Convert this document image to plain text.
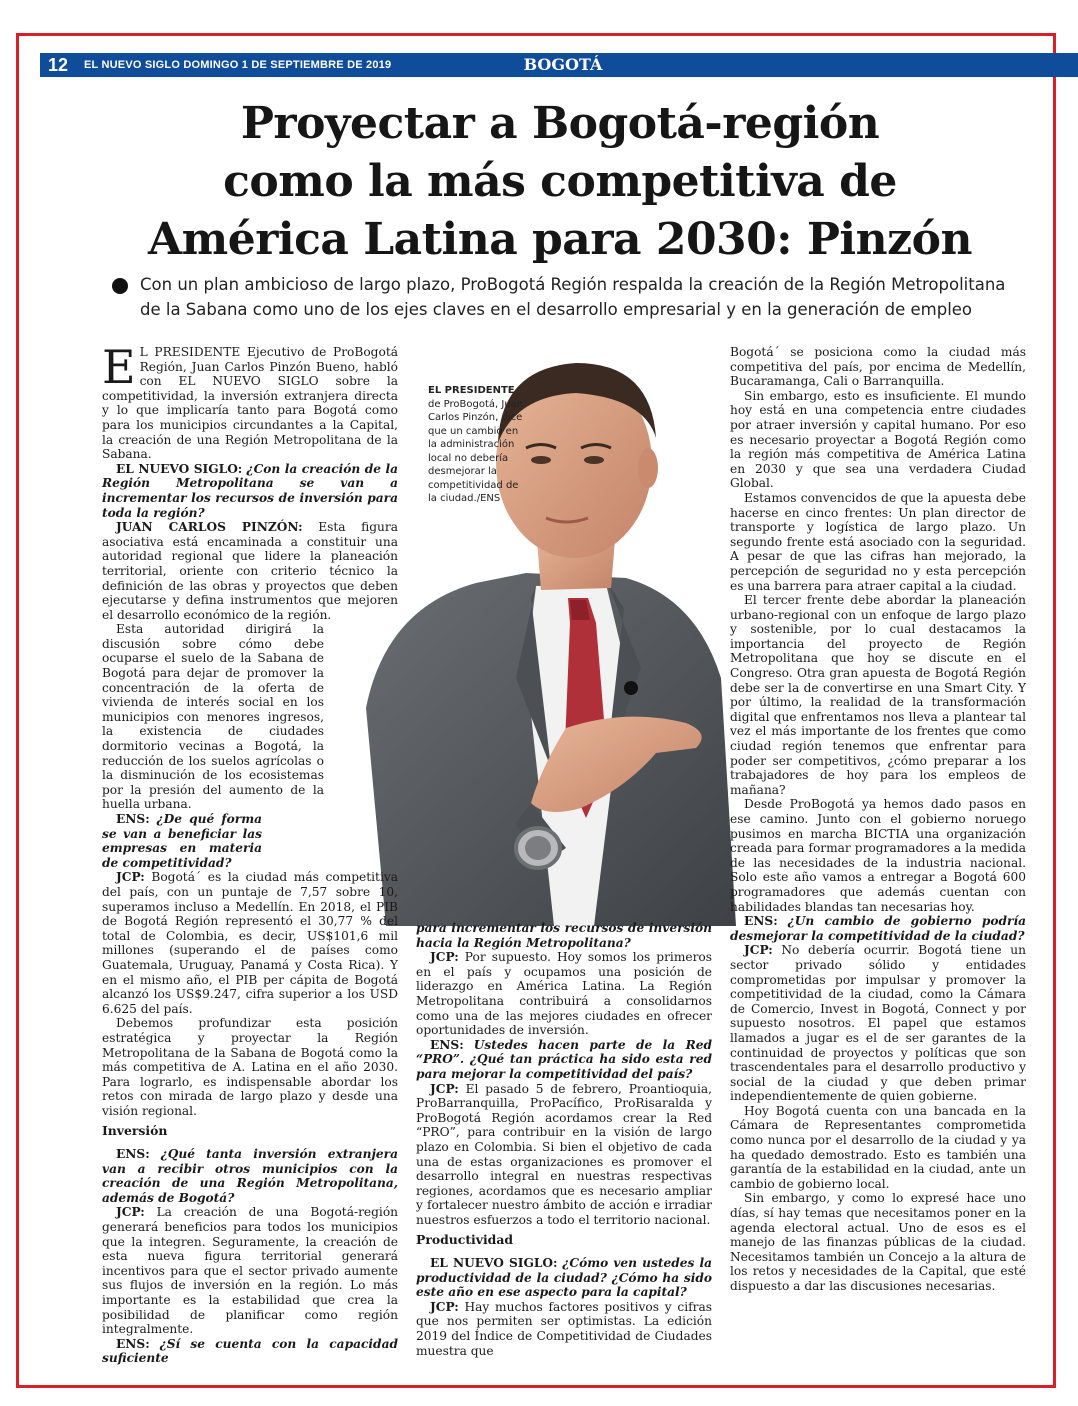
12 EL NUEVO SIGLO DOMINGO 1 DE SEPTIEMBRE DE 2019	BOGOTÁ
Proyectar a Bogotá-región
como la más competitiva de
América Latina para 2030: Pinzón

Con un plan ambicioso de largo plazo, ProBogotá Región respalda la creación de la Región Metropolitana
de la Sabana como uno de los ejes claves en el desarrollo empresarial y en la generación de empleo

EL PRESIDENTE
de ProBogotá, Juan Carlos Pinzón, dice que un cambio en la administración local no debería desmejorar la competitividad de la ciudad./ENS

E L PRESIDENTE Ejecutivo de ProBogotá Región, Juan Carlos Pinzón Bueno, habló con EL NUEVO SIGLO sobre la competitividad, la inversión extranjera directa y lo que implicaría tanto para Bogotá como para los municipios circundantes a la Capital, la creación de una Región Metropolitana de la Sabana.

EL NUEVO SIGLO: ¿Con la creación de la Región Metropolitana se van a incrementar los recursos de inversión para toda la región?

JUAN CARLOS PINZÓN: Esta figura asociativa está encaminada a constituir una autoridad regional que lidere la planeación territorial, oriente con criterio técnico la definición de las obras y proyectos que deben ejecutarse y defina instrumentos que mejoren el desarrollo económico de la región.

Esta autoridad dirigirá la discusión sobre cómo debe ocuparse el suelo de la Sabana de Bogotá para dejar de promover la concentración de la oferta de vivienda de interés social en los municipios con menores ingresos, la existencia de ciudades dormitorio vecinas a Bogotá, la reducción de los suelos agrícolas o la disminución de los ecosistemas por la presión del aumento de la huella urbana.

ENS: ¿De qué forma se van a beneficiar las empresas en materia de competitividad?

JCP: Bogotá´ es la ciudad más competitiva del país, con un puntaje de 7,57 sobre 10, superamos incluso a Medellín. En 2018, el PIB de Bogotá Región representó el 30,77 % del total de Colombia, es decir, US$101,6 mil millones (superando el de países como Guatemala, Uruguay, Panamá y Costa Rica). Y en el mismo año, el PIB per cápita de Bogotá alcanzó los US$9.247, cifra superior a los USD 6.625 del país.

Debemos profundizar esta posición estratégica y proyectar la Región Metropolitana de la Sabana de Bogotá como la más competitiva de A. Latina en el año 2030. Para lograrlo, es indispensable abordar los retos con mirada de largo plazo y desde una visión regional.

Inversión

ENS: ¿Qué tanta inversión extranjera van a recibir otros municipios con la creación de una Región Metropolitana, además de Bogotá?

JCP: La creación de una Bogotá-región generará beneficios para todos los municipios que la integren. Seguramente, la creación de esta nueva figura territorial generará incentivos para que el sector privado aumente sus flujos de inversión en la región. Lo más importante es la estabilidad que crea la posibilidad de planificar como región integralmente.

ENS: ¿Sí se cuenta con la capacidad suficiente

para incrementar los recursos de inversión hacia la Región Metropolitana?

JCP: Por supuesto. Hoy somos los primeros en el país y ocupamos una posición de liderazgo en América Latina. La Región Metropolitana contribuirá a consolidarnos como una de las mejores ciudades en ofrecer oportunidades de inversión.

ENS: Ustedes hacen parte de la Red “PRO”. ¿Qué tan práctica ha sido esta red para mejorar la competitividad del país?

JCP: El pasado 5 de febrero, Proantioquia, ProBarranquilla, ProPacífico, ProRisaralda y ProBogotá Región acordamos crear la Red “PRO”, para contribuir en la visión de largo plazo en Colombia. Si bien el objetivo de cada una de estas organizaciones es promover el desarrollo integral en nuestras respectivas regiones, acordamos que es necesario ampliar y fortalecer nuestro ámbito de acción e irradiar nuestros esfuerzos a todo el territorio nacional.

Productividad

EL NUEVO SIGLO: ¿Cómo ven ustedes la productividad de la ciudad? ¿Cómo ha sido este año en ese aspecto para la capital?

JCP: Hay muchos factores positivos y cifras que nos permiten ser optimistas. La edición 2019 del Índice de Competitividad de Ciudades muestra que

Bogotá´ se posiciona como la ciudad más competitiva del país, por encima de Medellín, Bucaramanga, Cali o Barranquilla.

Sin embargo, esto es insuficiente. El mundo hoy está en una competencia entre ciudades por atraer inversión y capital humano. Por eso es necesario proyectar a Bogotá Región como la región más competitiva de América Latina en 2030 y que sea una verdadera Ciudad Global.

Estamos convencidos de que la apuesta debe hacerse en cinco frentes: Un plan director de transporte y logística de largo plazo. Un segundo frente está asociado con la seguridad. A pesar de que las cifras han mejorado, la percepción de seguridad no y esta percepción es una barrera para atraer capital a la ciudad.

El tercer frente debe abordar la planeación urbano-regional con un enfoque de largo plazo y sostenible, por lo cual destacamos la importancia del proyecto de Región Metropolitana que hoy se discute en el Congreso. Otra gran apuesta de Bogotá Región debe ser la de convertirse en una Smart City. Y por último, la realidad de la transformación digital que enfrentamos nos lleva a plantear tal vez el más importante de los frentes que como ciudad región tenemos que enfrentar para poder ser competitivos, ¿cómo preparar a los trabajadores de hoy para los empleos de mañana?

Desde ProBogotá ya hemos dado pasos en ese camino. Junto con el gobierno noruego pusimos en marcha BICTIA una organización creada para formar programadores a la medida de las necesidades de la industria nacional. Solo este año vamos a entregar a Bogotá 600 programadores que además cuentan con habilidades blandas tan necesarias hoy.

ENS: ¿Un cambio de gobierno podría desmejorar la competitividad de la ciudad?

JCP: No debería ocurrir. Bogotá tiene un sector privado sólido y entidades comprometidas por impulsar y promover la competitividad de la ciudad, como la Cámara de Comercio, Invest in Bogotá, Connect y por supuesto nosotros. El papel que estamos llamados a jugar es el de ser garantes de la continuidad de proyectos y políticas que son trascendentales para el desarrollo productivo y social de la ciudad y que deben primar independientemente de quien gobierne.

Hoy Bogotá cuenta con una bancada en la Cámara de Representantes comprometida como nunca por el desarrollo de la ciudad y ya ha quedado demostrado. Esto es también una garantía de la estabilidad en la ciudad, ante un cambio de gobierno local.

Sin embargo, y como lo expresé hace uno días, sí hay temas que necesitamos poner en la agenda electoral actual. Uno de esos es el manejo de las finanzas públicas de la ciudad. Necesitamos también un Concejo a la altura de los retos y necesidades de la Capital, que esté dispuesto a dar las discusiones necesarias.
